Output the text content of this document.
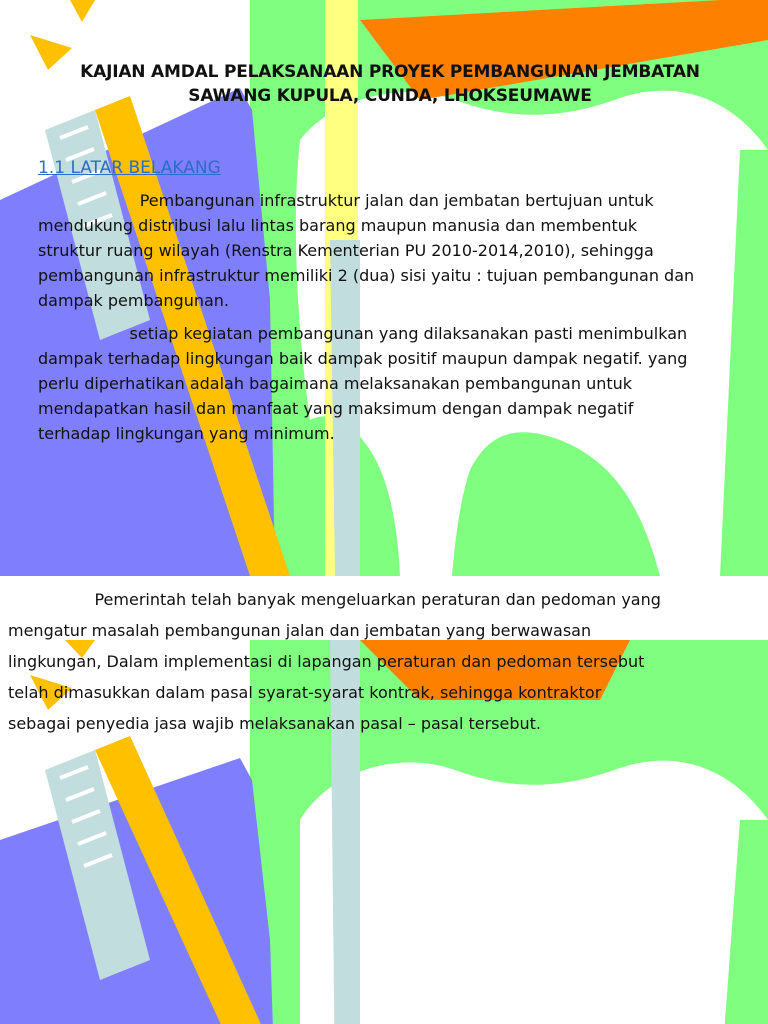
KAJIAN AMDAL PELAKSANAAN PROYEK PEMBANGUNAN JEMBATAN
SAWANG KUPULA, CUNDA, LHOKSEUMAWE
1.1 LATAR BELAKANG
Pembangunan infrastruktur jalan dan jembatan bertujuan untuk
mendukung distribusi lalu lintas barang maupun manusia dan membentuk
struktur ruang wilayah (Renstra Kementerian PU 2010-2014,2010), sehingga
pembangunan infrastruktur memiliki 2 (dua) sisi yaitu : tujuan pembangunan dan
dampak pembangunan.
setiap kegiatan pembangunan yang dilaksanakan pasti menimbulkan
dampak terhadap lingkungan baik dampak positif maupun dampak negatif. yang
perlu diperhatikan adalah bagaimana melaksanakan pembangunan untuk
mendapatkan hasil dan manfaat yang maksimum dengan dampak negatif
terhadap lingkungan yang minimum.
Pemerintah telah banyak mengeluarkan peraturan dan pedoman yang
mengatur masalah pembangunan jalan dan jembatan yang berwawasan
lingkungan, Dalam implementasi di lapangan peraturan dan pedoman tersebut
telah dimasukkan dalam pasal syarat-syarat kontrak, sehingga kontraktor
sebagai penyedia jasa wajib melaksanakan pasal – pasal tersebut.
